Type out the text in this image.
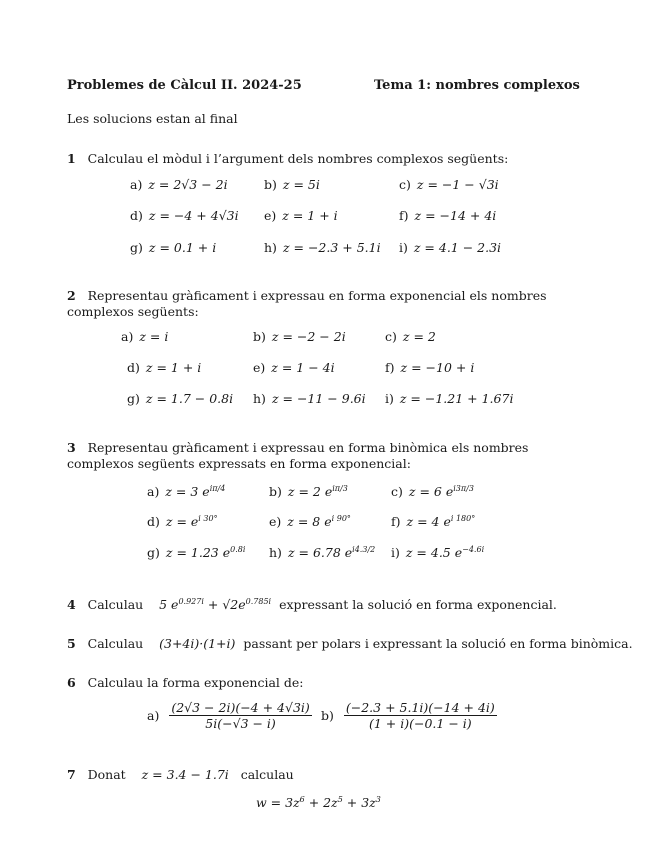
Problemes de Càlcul II. 2024-25	Tema 1: nombres complexos
Les solucions estan al final
1 Calculau el mòdul i l’argument dels nombres complexos següents:
a) z = 2√3 − 2i	b) z = 5i	c) z = −1 − √3i
d) z = −4 + 4√3i e) z = 1 + i	f) z = −14 + 4i
g) z = 0.1 + i	h) z = −2.3 + 5.1i i) z = 4.1 − 2.3i
2 Representau gràficament i expressau en forma exponencial els nombres complexos següents:
a) z = i	b) z = −2 − 2i	c) z = 2
d) z = 1 + i	e) z = 1 − 4i	f) z = −10 + i
g) z = 1.7 − 0.8i h) z = −11 − 9.6i i) z = −1.21 + 1.67i
3 Representau gràficament i expressau en forma binòmica els nombres complexos següents expressats en forma exponencial:
a) z = 3 $e^{i\pi/4}$	b) z = 2 $e^{i\pi/3}$	c) z = 6 $e^{i3\pi/3}$
d) $z = e^{i 30^\circ}$	e) z = 8 $e^{i 90^\circ}$	f) z = 4 $e^{i 180^\circ}$
g) z = 1.23 $e^{0.8i}$ h) z = 6.78 $e^{i4.3/2}$ i) z = 4.5 $e^{-4.6i}$
4 Calculau 5 $e^{0.927i} + √2e^{0.785i}$ expressant la solució en forma exponencial.
5 Calculau (3+4i)·(1+i) passant per polars i expressant la solució en forma binòmica.
6 Calculau la forma exponencial de:
$a) \frac{(2√3 - 2i)(-4 + 4√3i)}{5i(-√3 - i)} b) \frac{(-2.3 + 5.1i)(-14 + 4i)}{(1 + i)(-0.1 - i)}$
7 Donat z = 3.4 − 1.7i calculau
$w = 3z^6 + 2z^5 + 3z^3$
